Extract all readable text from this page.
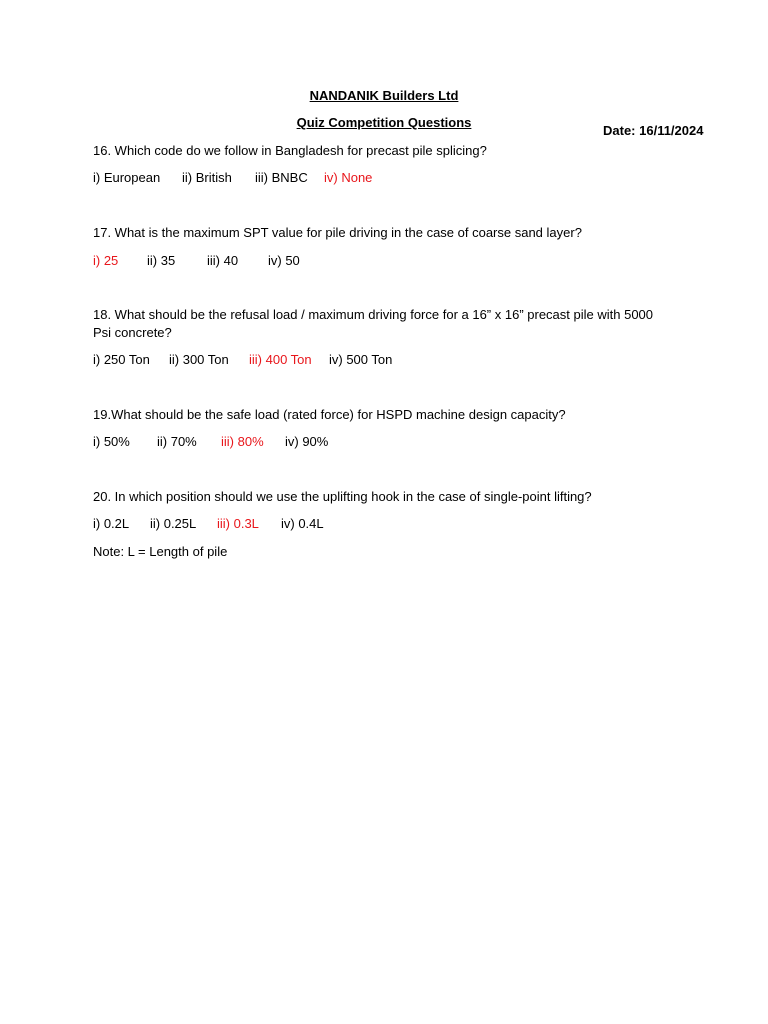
NANDANIK Builders Ltd
Quiz Competition Questions
Date: 16/11/2024
16. Which code do we follow in Bangladesh for precast pile splicing?
i) European ii) British iii) BNBC iv) None
17. What is the maximum SPT value for pile driving in the case of coarse sand layer?
i) 25 ii) 35 iii) 40 iv) 50
18. What should be the refusal load / maximum driving force for a 16” x 16” precast pile with 5000 Psi concrete?
i) 250 Ton ii) 300 Ton iii) 400 Ton iv) 500 Ton
19.What should be the safe load (rated force) for HSPD machine design capacity?
i) 50% ii) 70% iii) 80% iv) 90%
20. In which position should we use the uplifting hook in the case of single-point lifting?
i) 0.2L ii) 0.25L iii) 0.3L iv) 0.4L
Note: L = Length of pile
